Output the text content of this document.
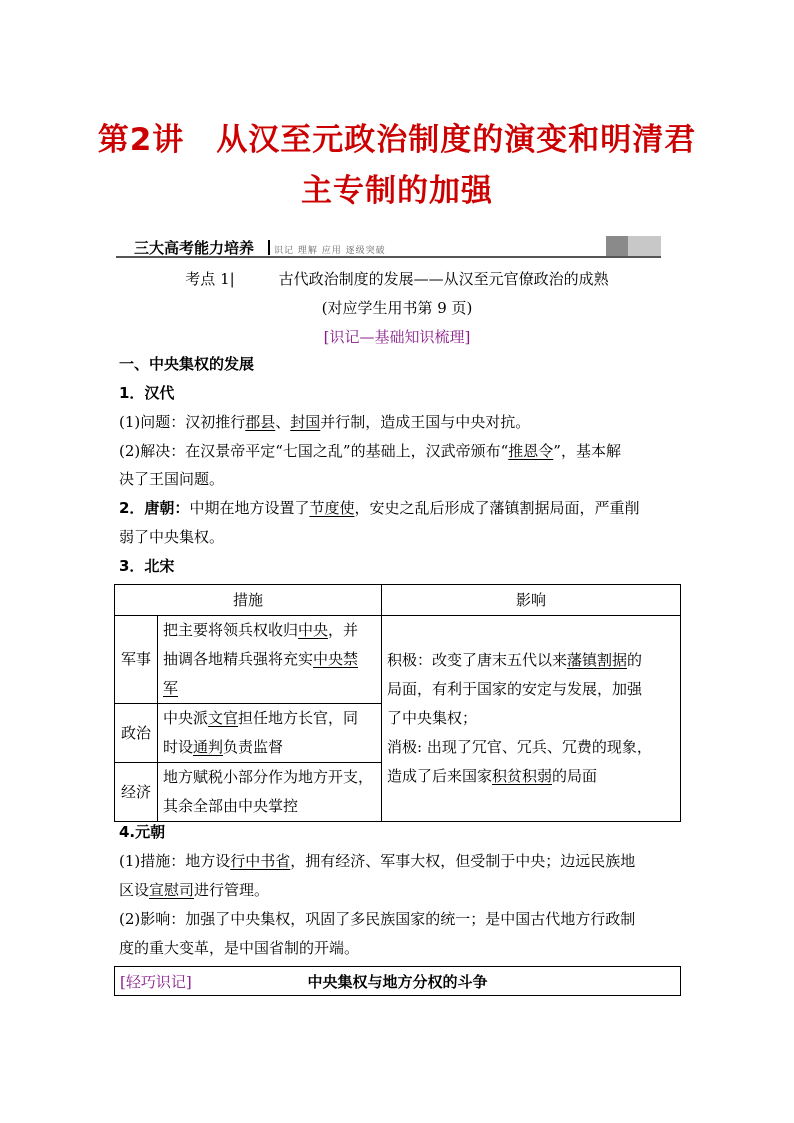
第2讲　从汉至元政治制度的演变和明清君
主专制的加强
三大高考能力培养 识记 理解 应用 逐级突破
考点 1|	古代政治制度的发展——从汉至元官僚政治的成熟
(对应学生用书第 9 页)
[识记—基础知识梳理]
一、中央集权的发展
1．汉代
(1)问题：汉初推行郡县、封国并行制，造成王国与中央对抗。
(2)解决：在汉景帝平定“七国之乱”的基础上，汉武帝颁布“推恩令”，基本解
决了王国问题。
2．唐朝：中期在地方设置了节度使，安史之乱后形成了藩镇割据局面，严重削
弱了中央集权。
3．北宋
措施		影响
军事	把主要将领兵权收归中央，并
抽调各地精兵强将充实中央禁
军	积极：改变了唐末五代以来藩镇割据的
局面，有利于国家的安定与发展，加强
了中央集权；
消极: 出现了冗官、冗兵、冗费的现象，
造成了后来国家积贫积弱的局面
政治	中央派文官担任地方长官，同
时设通判负责监督	
经济	地方赋税小部分作为地方开支，
其余全部由中央掌控	
4.元朝
(1)措施：地方设行中书省，拥有经济、军事大权，但受制于中央；边远民族地
区设宣慰司进行管理。
(2)影响：加强了中央集权，巩固了多民族国家的统一；是中国古代地方行政制
度的重大变革，是中国省制的开端。
中央集权与地方分权的斗争
[轻巧识记]
